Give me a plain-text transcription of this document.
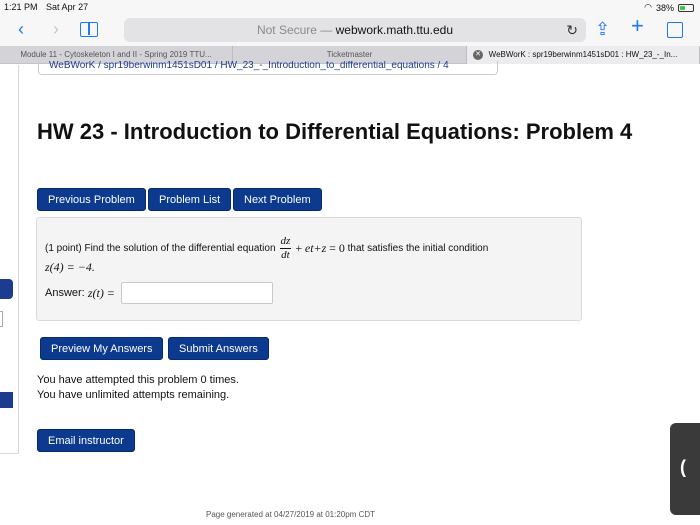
1:21 PM Sat Apr 27	◠ 38%
‹	›	Not Secure — webwork.math.ttu.edu	↻ ⇪ +
Module 11 - Cytoskeleton I and II - Spring 2019 TTU...	Ticketmaster	✕ WeBWorK : spr19berwinm1451sD01 : HW_23_-_In...
WeBWorK / spr19berwinm1451sD01 / HW_23_-_Introduction_to_differential_equations / 4
HW 23 - Introduction to Differential Equations: Problem 4
Previous Problem	Problem List	Next Problem
(1 point) Find the solution of the differential equation $\frac{dz}{dt}$ +
e t+z
= 0
that satisfies the initial condition
z(4) = −4.
Answer:
z(t) =
Preview My Answers	Submit Answers
You have attempted this problem 0 times.
You have unlimited attempts remaining.
Email instructor
Page generated at 04/27/2019 at 01:20pm CDT
(
